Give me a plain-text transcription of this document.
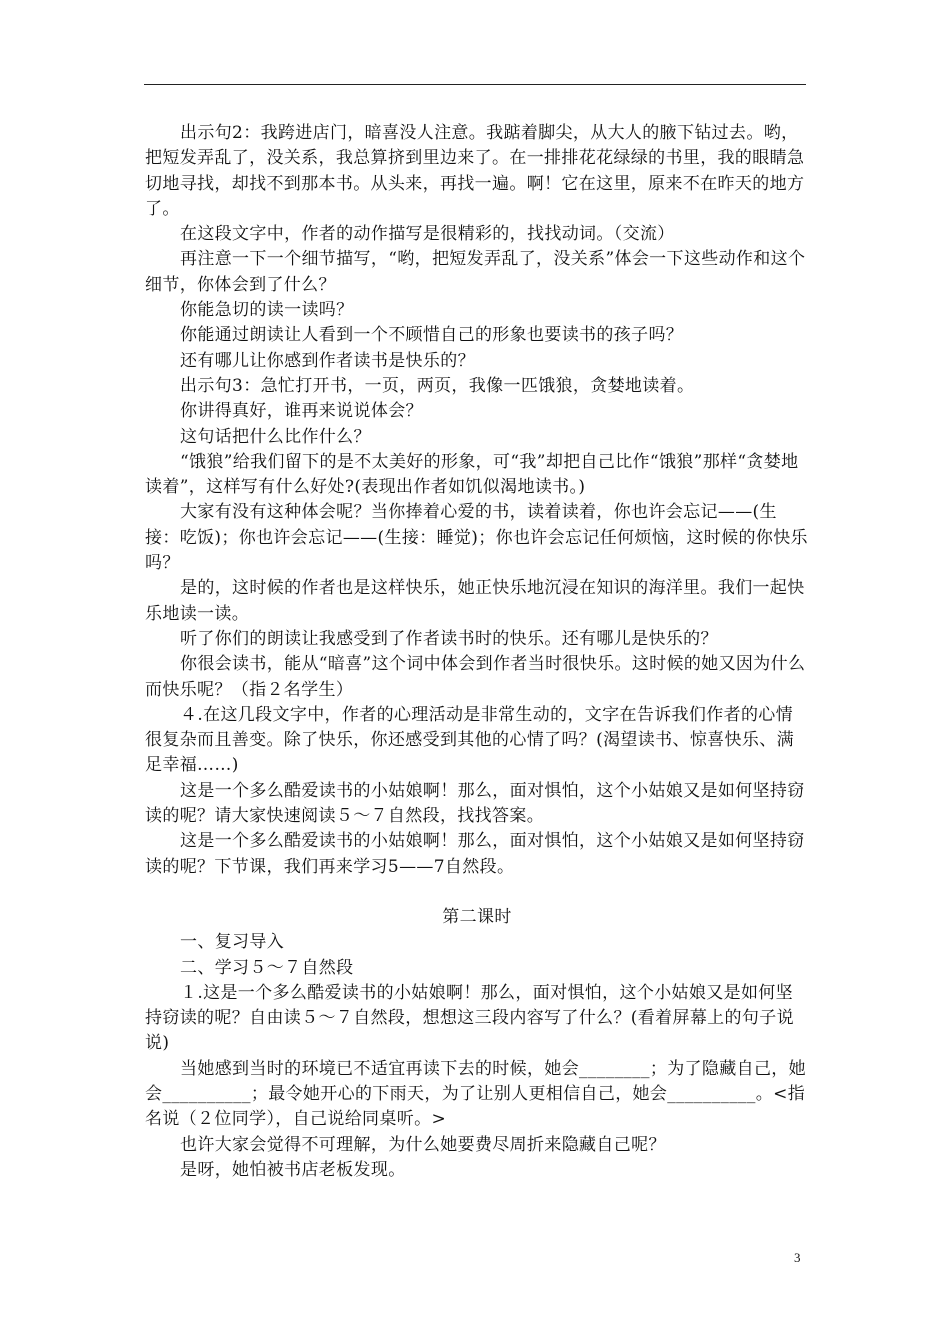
出示句2：我跨进店门，暗喜没人注意。我踮着脚尖，从大人的腋下钻过去。哟，把短发弄乱了，没关系，我总算挤到里边来了。在一排排花花绿绿的书里，我的眼睛急切地寻找，却找不到那本书。从头来，再找一遍。啊！它在这里，原来不在昨天的地方了。

在这段文字中，作者的动作描写是很精彩的，找找动词。（交流）

再注意一下一个细节描写，“哟，把短发弄乱了，没关系”体会一下这些动作和这个细节，你体会到了什么？

你能急切的读一读吗？

你能通过朗读让人看到一个不顾惜自己的形象也要读书的孩子吗？

还有哪儿让你感到作者读书是快乐的？

出示句3：急忙打开书，一页，两页，我像一匹饿狼，贪婪地读着。

你讲得真好，谁再来说说体会？

这句话把什么比作什么？

“饿狼”给我们留下的是不太美好的形象，可“我”却把自己比作“饿狼”那样“贪婪地读着”，这样写有什么好处?(表现出作者如饥似渴地读书。)

大家有没有这种体会呢？当你捧着心爱的书，读着读着，你也许会忘记——(生接：吃饭)；你也许会忘记——(生接：睡觉)；你也许会忘记任何烦恼，这时候的你快乐吗？

是的，这时候的作者也是这样快乐，她正快乐地沉浸在知识的海洋里。我们一起快乐地读一读。

听了你们的朗读让我感受到了作者读书时的快乐。还有哪儿是快乐的？

你很会读书，能从“暗喜”这个词中体会到作者当时很快乐。这时候的她又因为什么而快乐呢？（指２名学生）

４.在这几段文字中，作者的心理活动是非常生动的，文字在告诉我们作者的心情很复杂而且善变。除了快乐，你还感受到其他的心情了吗？(渴望读书、惊喜快乐、满足幸福……)

这是一个多么酷爱读书的小姑娘啊！那么，面对惧怕，这个小姑娘又是如何坚持窃读的呢？请大家快速阅读５～７自然段，找找答案。

这是一个多么酷爱读书的小姑娘啊！那么，面对惧怕，这个小姑娘又是如何坚持窃读的呢？下节课，我们再来学习5——7自然段。

第二课时

一、复习导入

二、学习５～７自然段

１.这是一个多么酷爱读书的小姑娘啊！那么，面对惧怕，这个小姑娘又是如何坚持窃读的呢？自由读５～７自然段，想想这三段内容写了什么？(看着屏幕上的句子说说)

当她感到当时的环境已不适宜再读下去的时候，她会________；为了隐藏自己，她会__________；最令她开心的下雨天，为了让别人更相信自己，她会__________。<指名说（２位同学），自己说给同桌听。>

也许大家会觉得不可理解，为什么她要费尽周折来隐藏自己呢？

是呀，她怕被书店老板发现。

3
